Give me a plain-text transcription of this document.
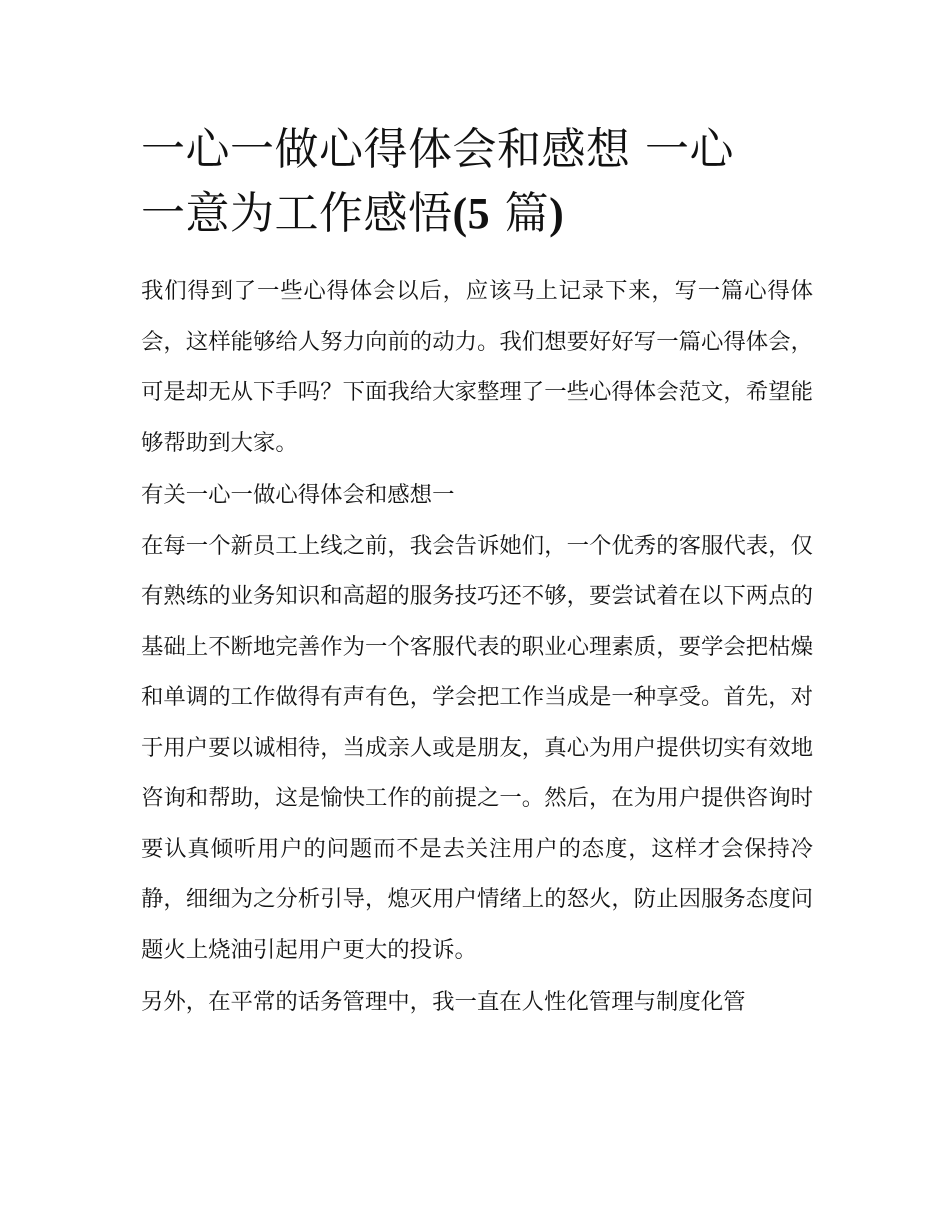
一心一做心得体会和感想 一心
一意为工作感悟(5 篇)

我们得到了一些心得体会以后，应该马上记录下来，写一篇心得体会，这样能够给人努力向前的动力。我们想要好好写一篇心得体会，可是却无从下手吗？下面我给大家整理了一些心得体会范文，希望能够帮助到大家。

有关一心一做心得体会和感想一

在每一个新员工上线之前，我会告诉她们，一个优秀的客服代表，仅有熟练的业务知识和高超的服务技巧还不够，要尝试着在以下两点的基础上不断地完善作为一个客服代表的职业心理素质，要学会把枯燥和单调的工作做得有声有色，学会把工作当成是一种享受。首先，对于用户要以诚相待，当成亲人或是朋友，真心为用户提供切实有效地咨询和帮助，这是愉快工作的前提之一。然后，在为用户提供咨询时要认真倾听用户的问题而不是去关注用户的态度，这样才会保持冷静，细细为之分析引导，熄灭用户情绪上的怒火，防止因服务态度问题火上烧油引起用户更大的投诉。

另外，在平常的话务管理中，我一直在人性化管理与制度化管
